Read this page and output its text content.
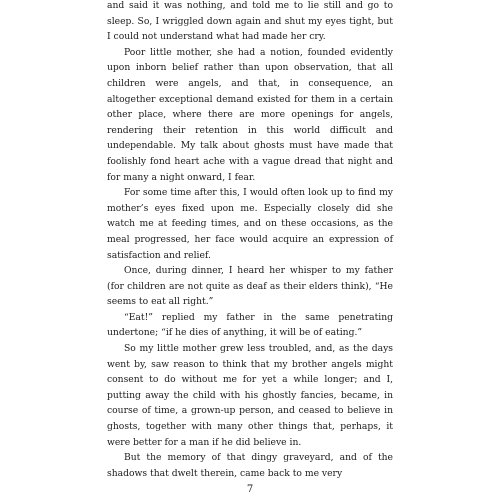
and said it was nothing, and told me to lie still and go to sleep. So, I wriggled down again and shut my eyes tight, but I could not understand what had made her cry.

Poor little mother, she had a notion, founded evidently upon inborn belief rather than upon observation, that all children were angels, and that, in consequence, an altogether exceptional demand existed for them in a certain other place, where there are more openings for angels, rendering their retention in this world difficult and undependable. My talk about ghosts must have made that foolishly fond heart ache with a vague dread that night and for many a night onward, I fear.

For some time after this, I would often look up to find my mother’s eyes fixed upon me. Especially closely did she watch me at feeding times, and on these occasions, as the meal progressed, her face would acquire an expression of satisfaction and relief.

Once, during dinner, I heard her whisper to my father (for children are not quite as deaf as their elders think), “He seems to eat all right.”

“Eat!” replied my father in the same penetrating undertone; “if he dies of anything, it will be of eating.”

So my little mother grew less troubled, and, as the days went by, saw reason to think that my brother angels might consent to do without me for yet a while longer; and I, putting away the child with his ghostly fancies, became, in course of time, a grown-up person, and ceased to believe in ghosts, together with many other things that, perhaps, it were better for a man if he did believe in.

But the memory of that dingy graveyard, and of the shadows that dwelt therein, came back to me very

7
